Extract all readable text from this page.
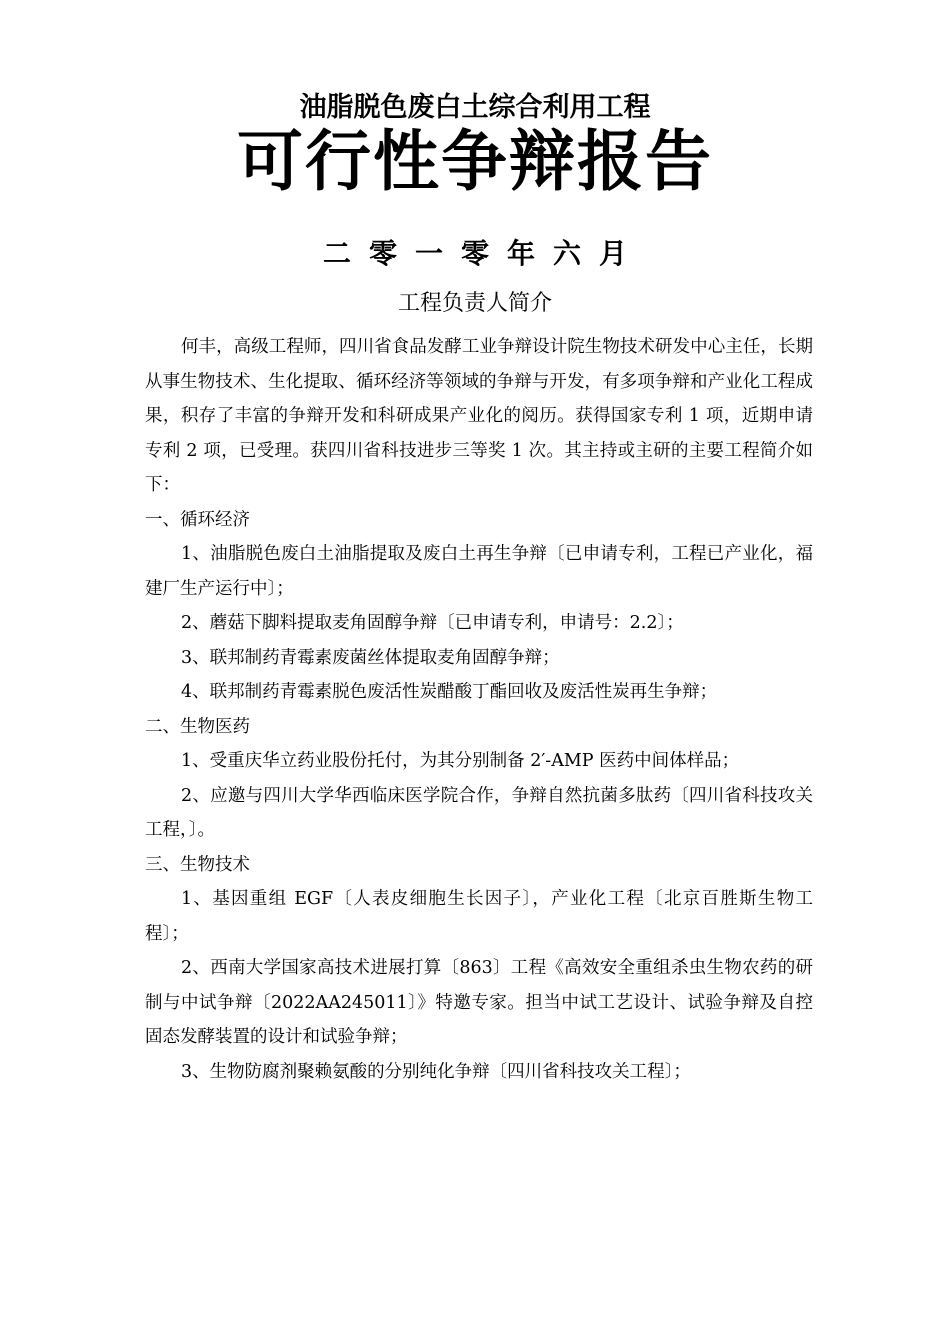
油脂脱色废白土综合利用工程
可行性争辩报告
二零一零年六月
工程负责人简介

何丰，高级工程师，四川省食品发酵工业争辩设计院生物技术研发中心主任，长期从事生物技术、生化提取、循环经济等领域的争辩与开发，有多项争辩和产业化工程成果，积存了丰富的争辩开发和科研成果产业化的阅历。获得国家专利 1 项，近期申请专利 2 项，已受理。获四川省科技进步三等奖 1 次。其主持或主研的主要工程简介如下：

一、循环经济

1、油脂脱色废白土油脂提取及废白土再生争辩〔已申请专利，工程已产业化，福建厂生产运行中〕；

2、蘑菇下脚料提取麦角固醇争辩〔已申请专利，申请号：2.2〕；

3、联邦制药青霉素废菌丝体提取麦角固醇争辩；

4、联邦制药青霉素脱色废活性炭醋酸丁酯回收及废活性炭再生争辩；

二、生物医药

1、受重庆华立药业股份托付，为其分别制备 2′-AMP 医药中间体样品；

2、应邀与四川大学华西临床医学院合作，争辩自然抗菌多肽药〔四川省科技攻关工程，〕。

三、生物技术

1、基因重组 EGF〔人表皮细胞生长因子〕，产业化工程〔北京百胜斯生物工程〕；

2、西南大学国家高技术进展打算〔863〕工程《高效安全重组杀虫生物农药的研制与中试争辩〔2022AA245011〕》特邀专家。担当中试工艺设计、试验争辩及自控固态发酵装置的设计和试验争辩；

3、生物防腐剂聚赖氨酸的分别纯化争辩〔四川省科技攻关工程〕；
